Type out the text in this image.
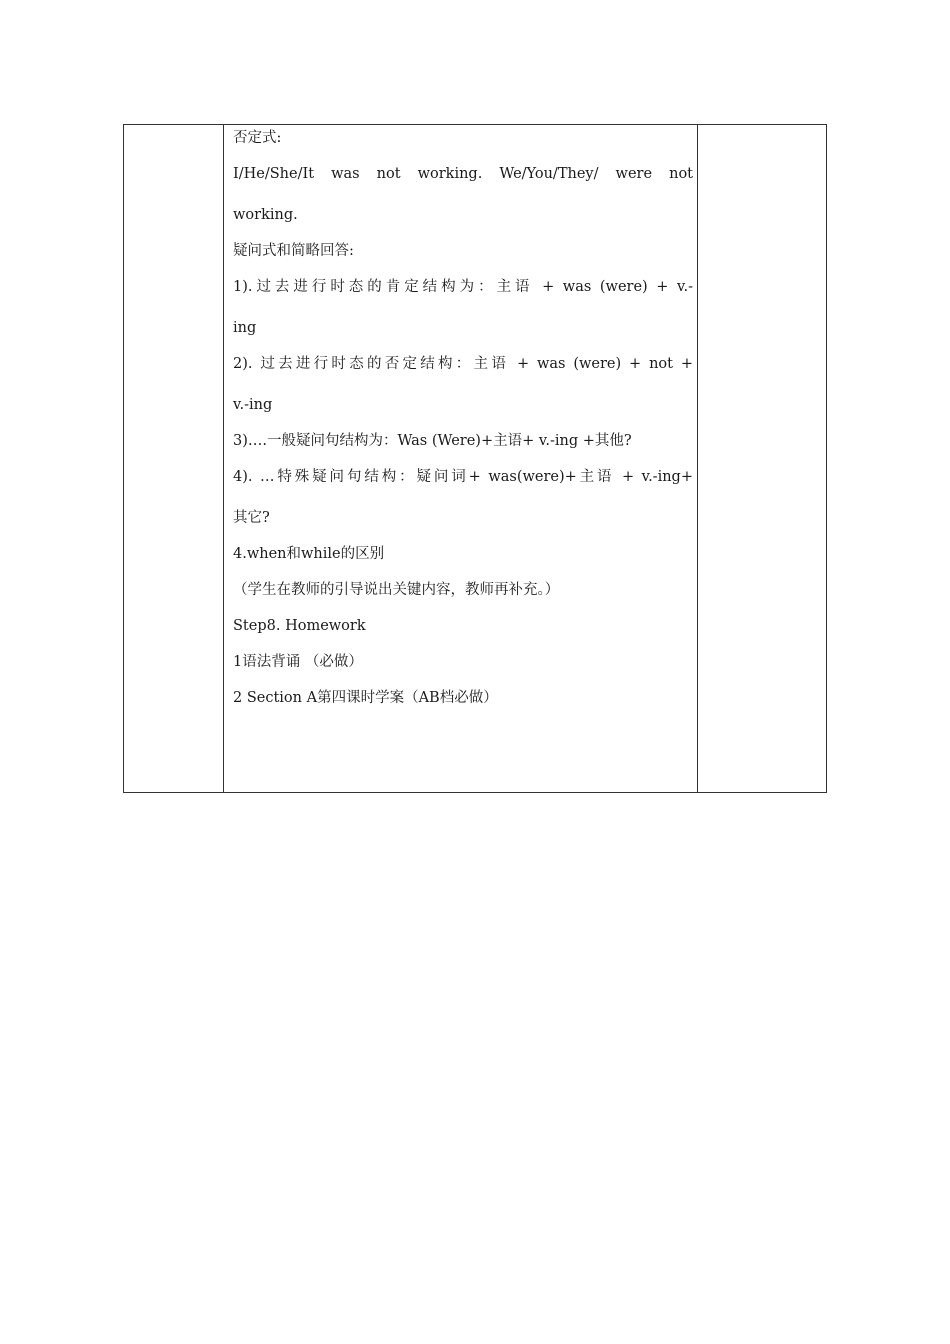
否定式:
I/He/She/It was not working. We/You/They/ were not
working.
疑问式和简略回答:
1).过去进行时态的肯定结构为：主语 + was (were) + v.-
ing
2). 过去进行时态的否定结构：主语 + was (were) + not +
v.-ing
3)….一般疑问句结构为：Was (Were)+主语+ v.-ing +其他?
4). …特殊疑问句结构：疑问词+ was(were)+主语 + v.-ing+
其它?
4.when和while的区别
（学生在教师的引导说出关键内容，教师再补充。）
Step8. Homework
1语法背诵 （必做）
2 Section A第四课时学案（AB档必做）
